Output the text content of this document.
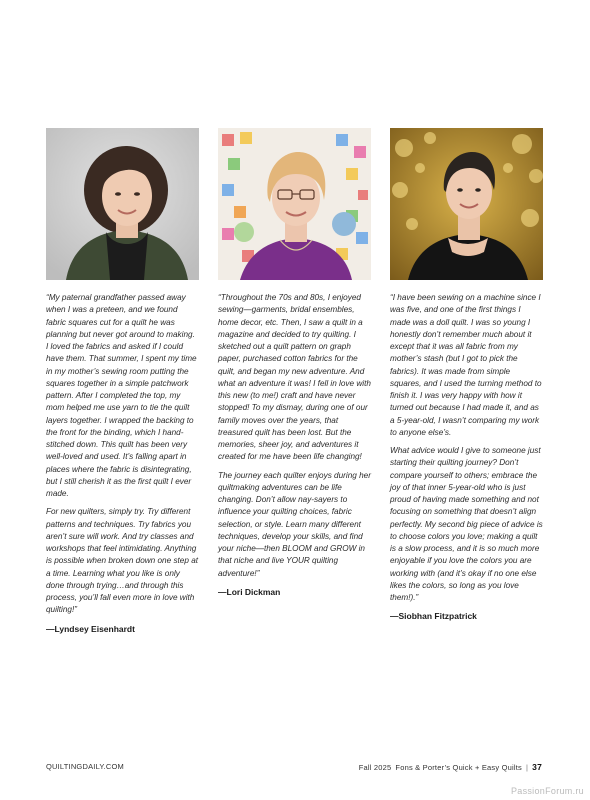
“My paternal grandfather passed away when I was a preteen, and we found fabric squares cut for a quilt he was planning but never got around to making. I loved the fabrics and asked if I could have them. That summer, I spent my time in my mother’s sewing room putting the squares together in a simple patchwork pattern. After I completed the top, my mom helped me use yarn to tie the quilt layers together. I wrapped the backing to the front for the binding, which I hand-stitched down. This quilt has been very well-loved and used. It’s falling apart in places where the fabric is disintegrating, but I still cherish it as the first quilt I ever made.

For new quilters, simply try. Try different patterns and techniques. Try fabrics you aren’t sure will work. And try classes and workshops that feel intimidating. Anything is possible when broken down one step at a time. Learning what you like is only done through trying…and through this process, you’ll fall even more in love with quilting!”

—Lyndsey Eisenhardt

“Throughout the 70s and 80s, I enjoyed sewing—garments, bridal ensembles, home decor, etc. Then, I saw a quilt in a magazine and decided to try quilting. I sketched out a quilt pattern on graph paper, purchased cotton fabrics for the quilt, and began my new adventure. And what an adventure it was! I fell in love with this new (to me!) craft and have never stopped! To my dismay, during one of our family moves over the years, that treasured quilt has been lost. But the memories, sheer joy, and adventures it created for me have been life changing!

The journey each quilter enjoys during her quiltmaking adventures can be life changing. Don’t allow nay-sayers to influence your quilting choices, fabric selection, or style. Learn many different techniques, develop your skills, and find your niche—then BLOOM and GROW in that niche and live YOUR quilting adventure!”

—Lori Dickman

“I have been sewing on a machine since I was five, and one of the first things I made was a doll quilt. I was so young I honestly don’t remember much about it except that it was all fabric from my mother’s stash (but I got to pick the fabrics). It was made from simple squares, and I used the turning method to finish it. I was very happy with how it turned out because I had made it, and as a 5-year-old, I wasn’t comparing my work to anyone else’s.

What advice would I give to someone just starting their quilting journey? Don’t compare yourself to others; embrace the joy of that inner 5-year-old who is just proud of having made something and not focusing on something that doesn’t align perfectly. My second big piece of advice is to choose colors you love; making a quilt is a slow process, and it is so much more enjoyable if you love the colors you are working with (and it’s okay if no one else likes the colors, so long as you love them!).”

—Siobhan Fitzpatrick
QUILTINGDAILY.COM	Fall 2025 Fons & Porter’s Quick + Easy Quilts | 37
PassionForum.ru
